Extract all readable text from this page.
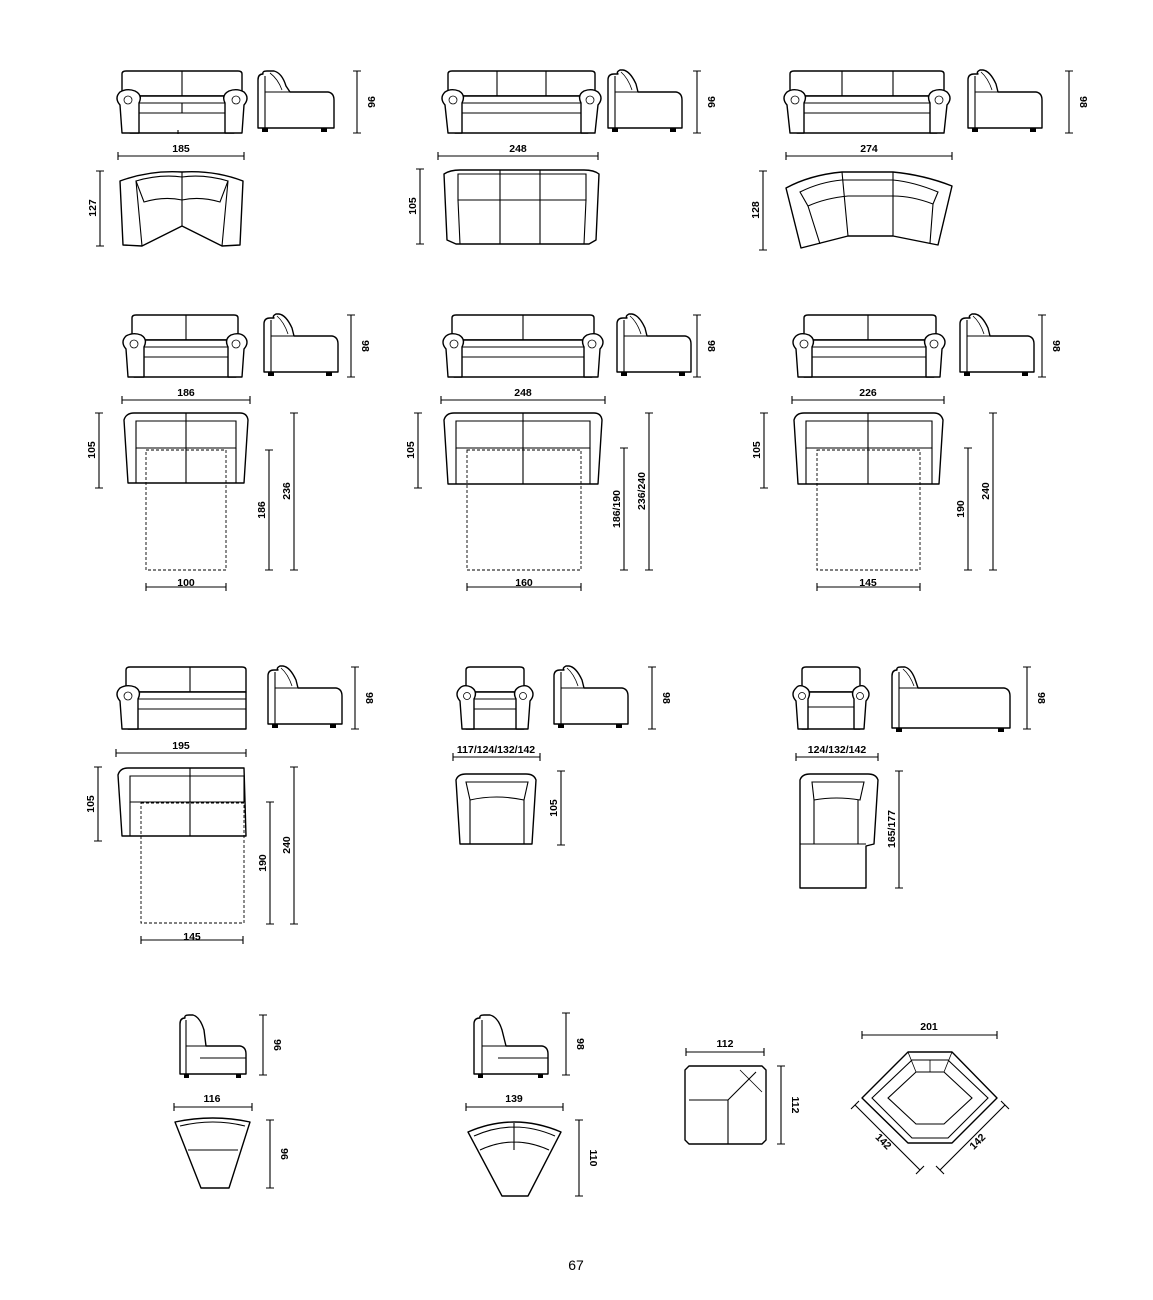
185
96
127
248
96
105
274
98
128
186
98
105
186
236
100
248
98
105
186/190 236/240
160
226
98
105
190
240
145
195
98
105
190
240
145
117/124/132/142
98
105
124/132/142
98
165/177
116
96
96
139
98
110
112
112
201
142	142
67
